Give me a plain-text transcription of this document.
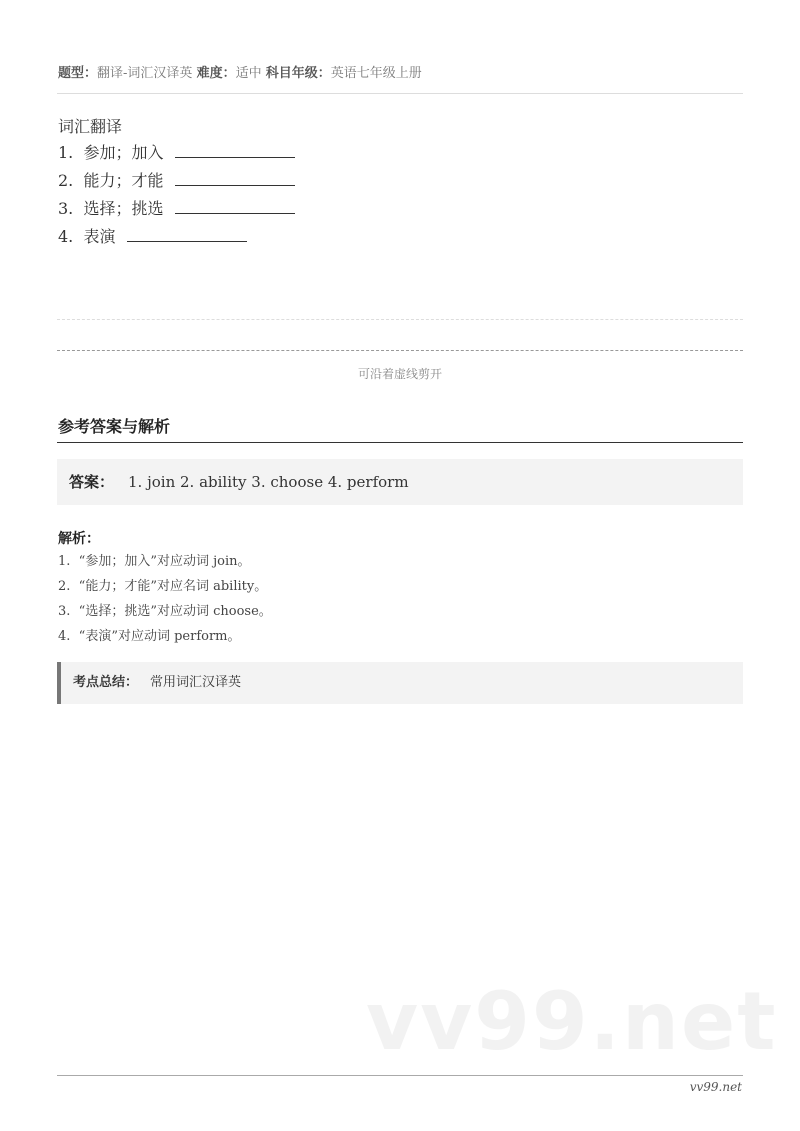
题型：翻译-词汇汉译英 难度：适中 科目年级：英语七年级上册
词汇翻译
1. 参加；加入
2. 能力；才能
3. 选择；挑选
4. 表演
可沿着虚线剪开
参考答案与解析
答案： 1. join 2. ability 3. choose 4. perform
解析：
1. “参加；加入”对应动词 join。
2. “能力；才能”对应名词 ability。
3. “选择；挑选”对应动词 choose。
4. “表演”对应动词 perform。
考点总结： 常用词汇汉译英
vv99.net
vv99.net
